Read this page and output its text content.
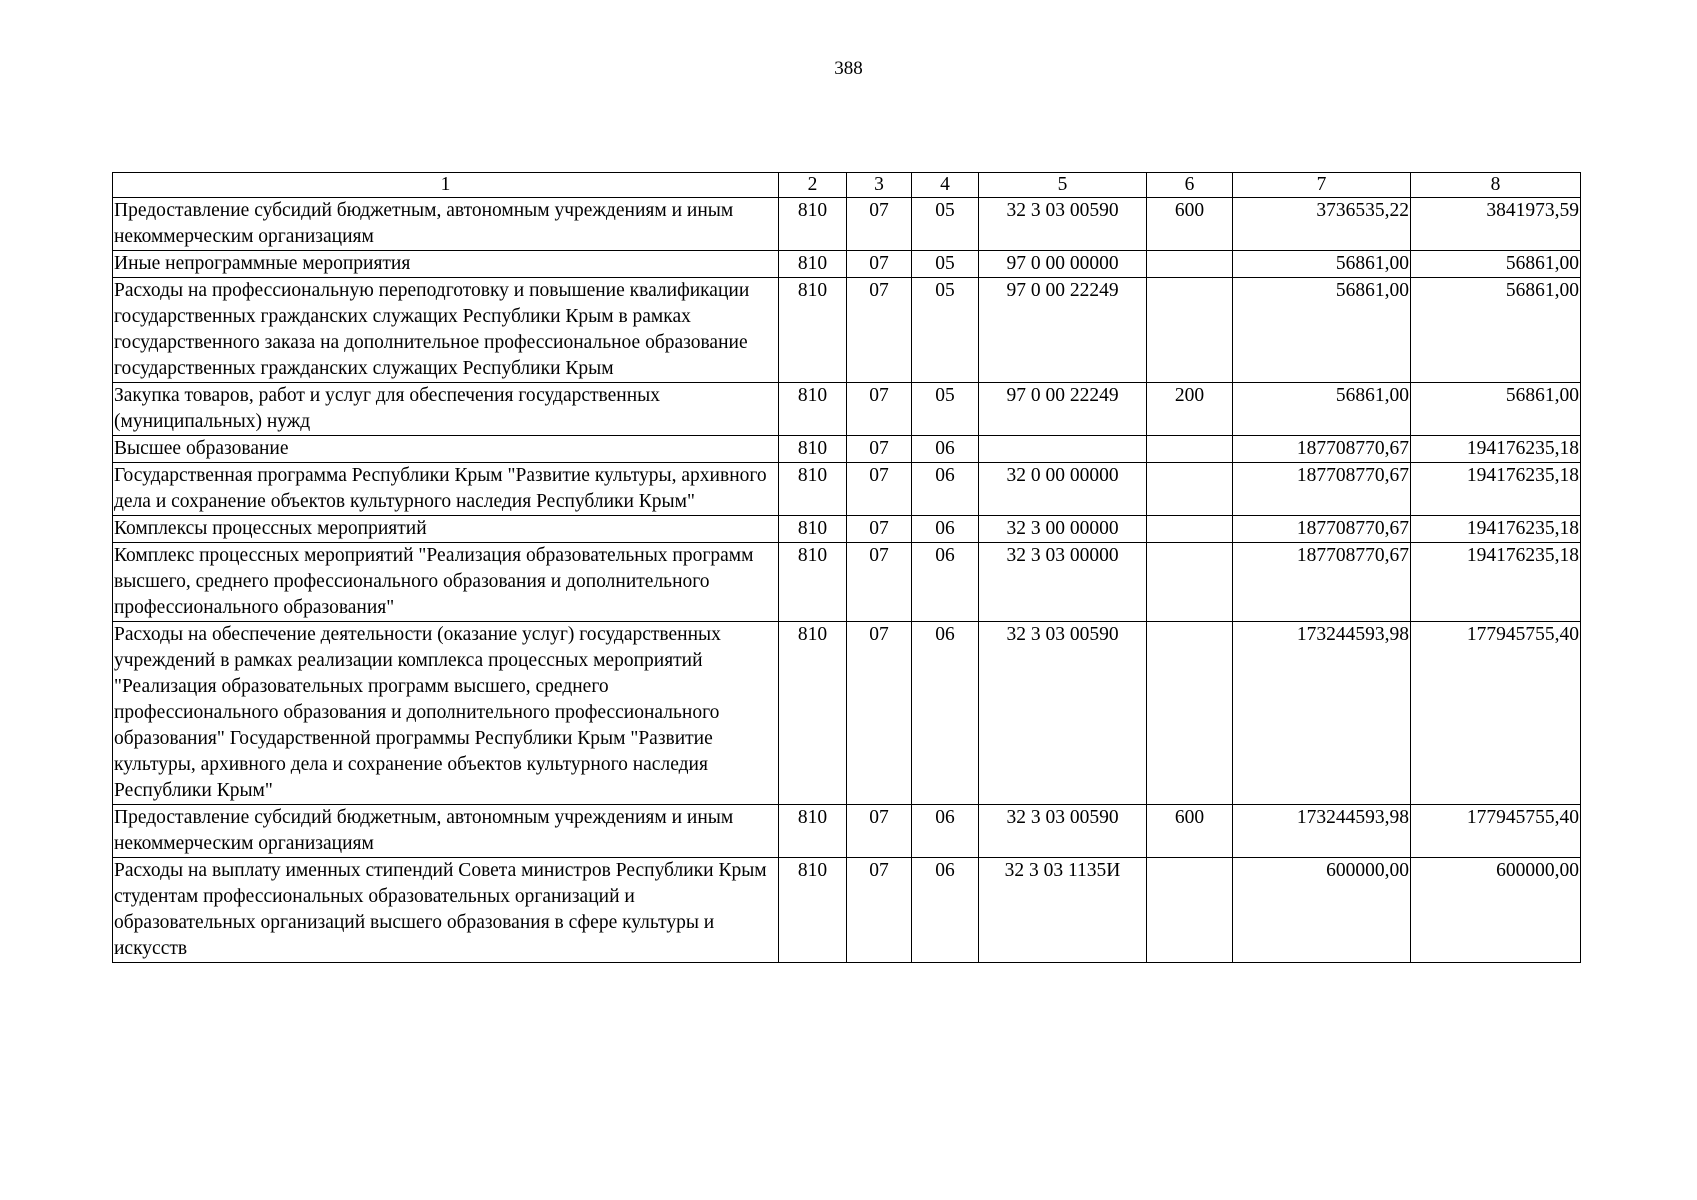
388
1	2	3	4	5	6	7	8
Предоставление субсидий бюджетным, автономным учреждениям и иным некоммерческим организациям	810	07	05	32 3 03 00590	600	3736535,22	3841973,59
Иные непрограммные мероприятия	810	07	05	97 0 00 00000		56861,00	56861,00
Расходы на профессиональную переподготовку и повышение квалификации государственных гражданских служащих Республики Крым в рамках государственного заказа на дополнительное профессиональное образование государственных гражданских служащих Республики Крым	810	07	05	97 0 00 22249		56861,00	56861,00
Закупка товаров, работ и услуг для обеспечения государственных (муниципальных) нужд	810	07	05	97 0 00 22249	200	56861,00	56861,00
Высшее образование	810	07	06			187708770,67	194176235,18
Государственная программа Республики Крым "Развитие культуры, архивного дела и сохранение объектов культурного наследия Республики Крым"	810	07	06	32 0 00 00000		187708770,67	194176235,18
Комплексы процессных мероприятий	810	07	06	32 3 00 00000		187708770,67	194176235,18
Комплекс процессных мероприятий "Реализация образовательных программ высшего, среднего профессионального образования и дополнительного профессионального образования"	810	07	06	32 3 03 00000		187708770,67	194176235,18
Расходы на обеспечение деятельности (оказание услуг) государственных учреждений в рамках реализации комплекса процессных мероприятий "Реализация образовательных программ высшего, среднего профессионального образования и дополнительного профессионального образования" Государственной программы Республики Крым "Развитие культуры, архивного дела и сохранение объектов культурного наследия Республики Крым"	810	07	06	32 3 03 00590		173244593,98	177945755,40
Предоставление субсидий бюджетным, автономным учреждениям и иным некоммерческим организациям	810	07	06	32 3 03 00590	600	173244593,98	177945755,40
Расходы на выплату именных стипендий Совета министров Республики Крым студентам профессиональных образовательных организаций и образовательных организаций высшего образования в сфере культуры и искусств	810	07	06	32 3 03 1135И		600000,00	600000,00
